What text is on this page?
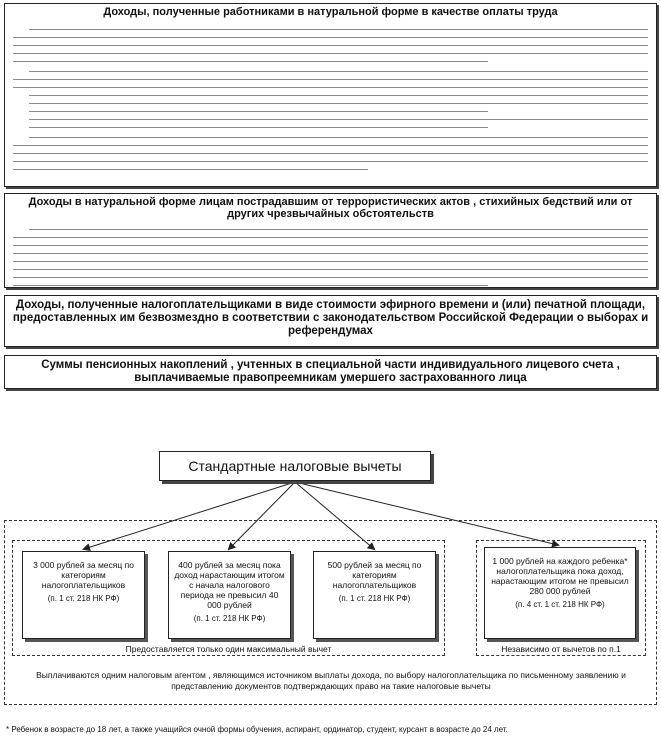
Доходы, полученные работниками в натуральной форме в качестве оплаты труда
Доходы в натуральной форме лицам пострадавшим от террористических актов , стихийных бедствий или от других чрезвычайных обстоятельств
Доходы, полученные налогоплательщиками в виде стоимости эфирного времени и (или) печатной площади, предоставленных им безвозмездно в соответствии с законодательством Российской Федерации о выборах и референдумах
Суммы пенсионных накоплений , учтенных в специальной части индивидуального лицевого счета , выплачиваемые правопреемникам умершего застрахованного лица
Стандартные налоговые вычеты
3 000 рублей за месяц по категориям налогоплательщиков
(п. 1 ст. 218 НК РФ)
400 рублей за месяц пока доход нарастающим итогом с начала налогового периода не превысил 40 000 рублей
(п. 1 ст. 218 НК РФ)
500 рублей за месяц по категориям налогоплательщиков
(п. 1 ст. 218 НК РФ)
1 000 рублей на каждого ребенка* налогоплательщика пока доход, нарастающим итогом не превысил 280 000 рублей
(п. 4 ст. 1 ст. 218 НК РФ)
Предоставляется только один максимальный вычет	Независимо от вычетов по п.1
Выплачиваются одним налоговым агентом , являющимся источником выплаты дохода, по выбору налогоплательщика по письменному заявлению и представлению документов подтверждающих право на такие налоговые вычеты
* Ребенок в возрасте до 18 лет, а также учащийся очной формы обучения, аспирант, ординатор, студент, курсант в возрасте до 24 лет.
